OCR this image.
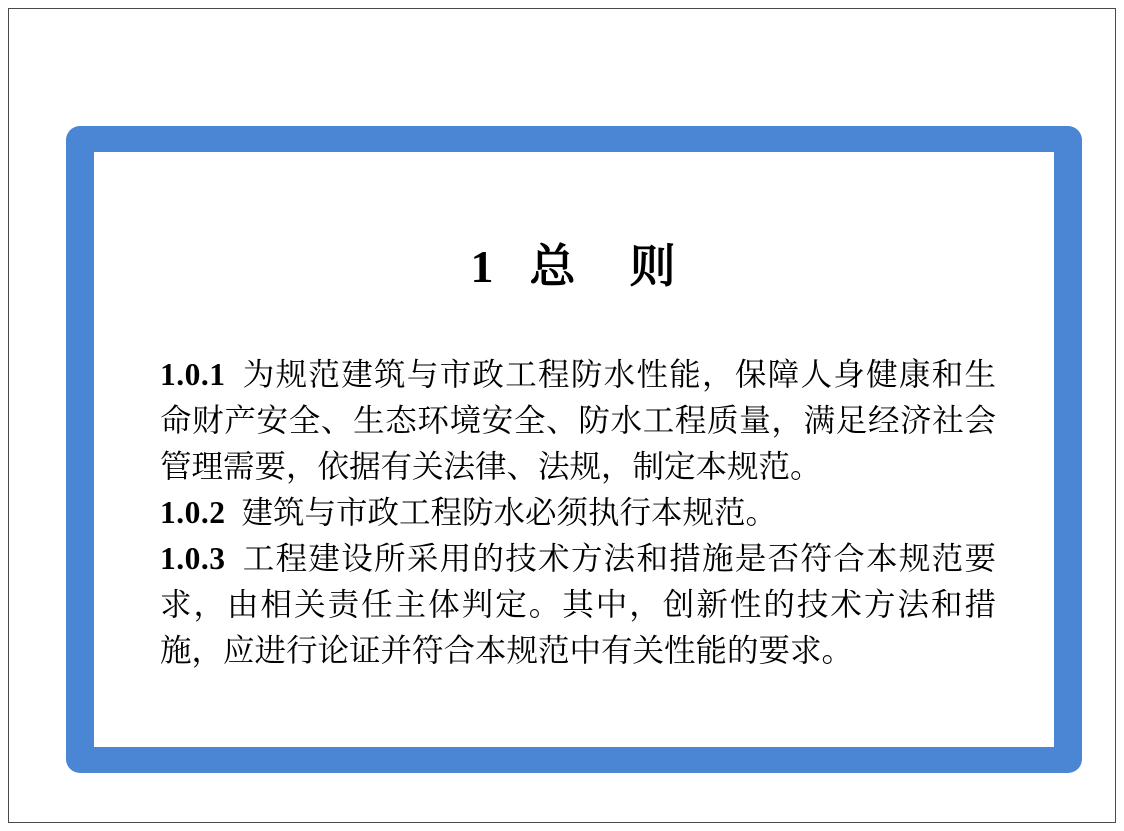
1 总 则

1.0.1 为规范建筑与市政工程防水性能，保障人身健康和生命财产安全、生态环境安全、防水工程质量，满足经济社会管理需要，依据有关法律、法规，制定本规范。

1.0.2 建筑与市政工程防水必须执行本规范。

1.0.3 工程建设所采用的技术方法和措施是否符合本规范要求，由相关责任主体判定。其中，创新性的技术方法和措施，应进行论证并符合本规范中有关性能的要求。
